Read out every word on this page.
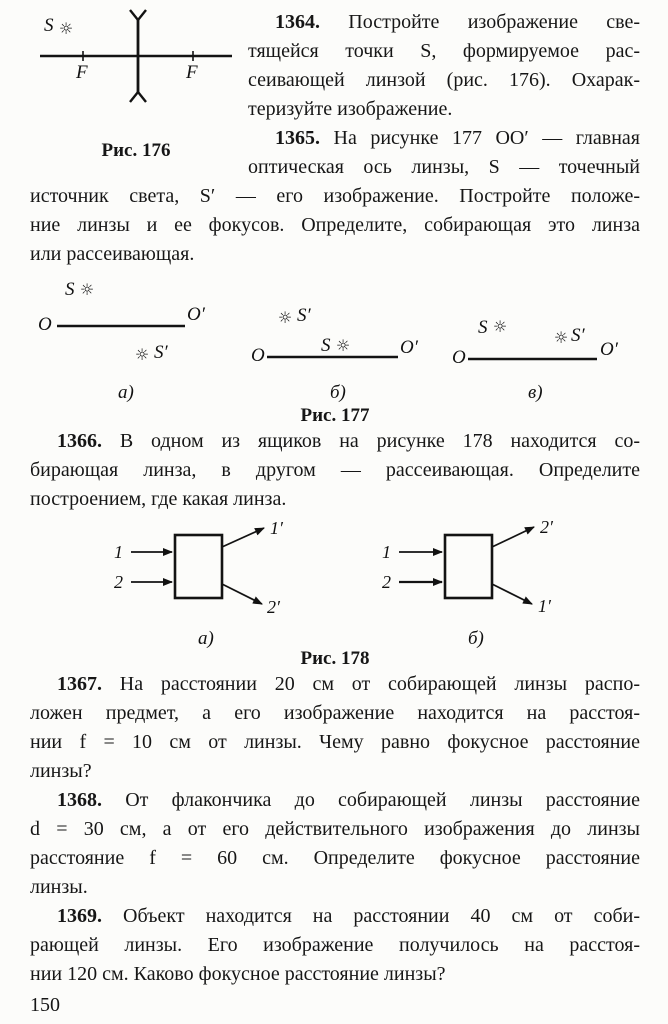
S ☼
F	F
Рис. 176
1364. Постройте изображение све-
тящейся точки S, формируемое рас-
сеивающей линзой (рис. 176). Охарак-
теризуйте изображение.
1365. На рисунке 177 OO′ — главная
оптическая ось линзы, S — точечный
источник света, S′ — его изображение. Постройте положе-
ние линзы и ее фокусов. Определите, собирающая это линза
или рассеивающая.
S ☼
O	O′
☼ S′
а)
☼ S′
S ☼
O	O′
б)
S ☼
☼ S′
O	O′
в)
Рис. 177
1366. В одном из ящиков на рисунке 178 находится со-
бирающая линза, в другом — рассеивающая. Определите
построением, где какая линза.
1
2
1′
2′
а)
1
2
2′
1′
б)
Рис. 178
1367. На расстоянии 20 см от собирающей линзы распо-
ложен предмет, а его изображение находится на расстоя-
нии f = 10 см от линзы. Чему равно фокусное расстояние
линзы?
1368. От флакончика до собирающей линзы расстояние
d = 30 см, а от его действительного изображения до линзы
расстояние f = 60 см. Определите фокусное расстояние
линзы.
1369. Объект находится на расстоянии 40 см от соби-
рающей линзы. Его изображение получилось на расстоя-
нии 120 см. Каково фокусное расстояние линзы?
150
